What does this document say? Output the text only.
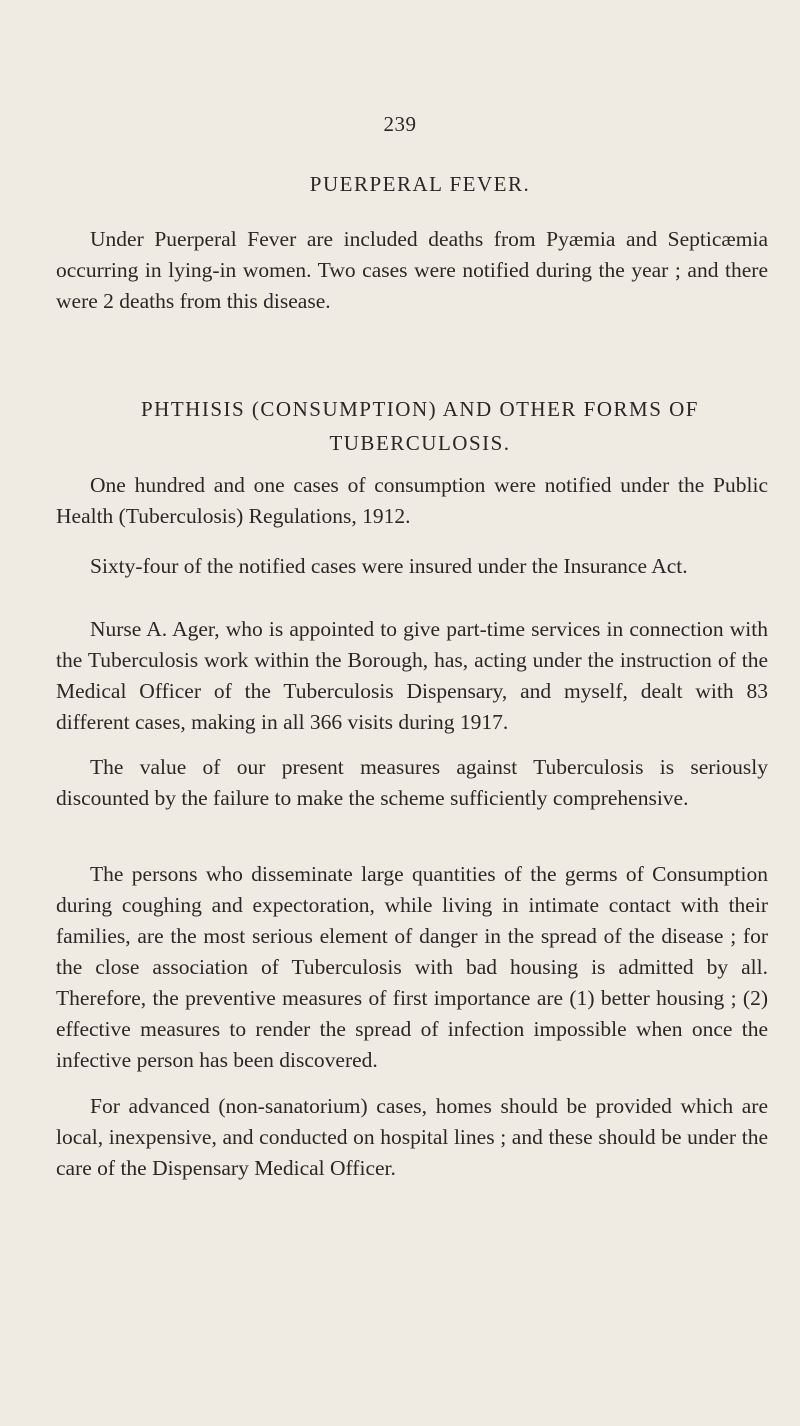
239
PUERPERAL FEVER.

Under Puerperal Fever are included deaths from Pyæmia and Septicæmia occurring in lying-in women. Two cases were notified during the year ; and there were 2 deaths from this disease.

PHTHISIS (CONSUMPTION) AND OTHER FORMS OF TUBERCULOSIS.

One hundred and one cases of consumption were notified under the Public Health (Tuberculosis) Regulations, 1912.

Sixty-four of the notified cases were insured under the Insurance Act.

Nurse A. Ager, who is appointed to give part-time services in connection with the Tuberculosis work within the Borough, has, acting under the instruction of the Medical Officer of the Tuberculosis Dispensary, and myself, dealt with 83 different cases, making in all 366 visits during 1917.

The value of our present measures against Tuberculosis is seriously discounted by the failure to make the scheme sufficiently comprehensive.

The persons who disseminate large quantities of the germs of Consumption during coughing and expectoration, while living in intimate contact with their families, are the most serious element of danger in the spread of the disease ; for the close association of Tuberculosis with bad housing is admitted by all. Therefore, the preventive measures of first importance are (1) better housing ; (2) effective measures to render the spread of infection impossible when once the infective person has been discovered.

For advanced (non-sanatorium) cases, homes should be provided which are local, inexpensive, and conducted on hospital lines ; and these should be under the care of the Dispensary Medical Officer.
